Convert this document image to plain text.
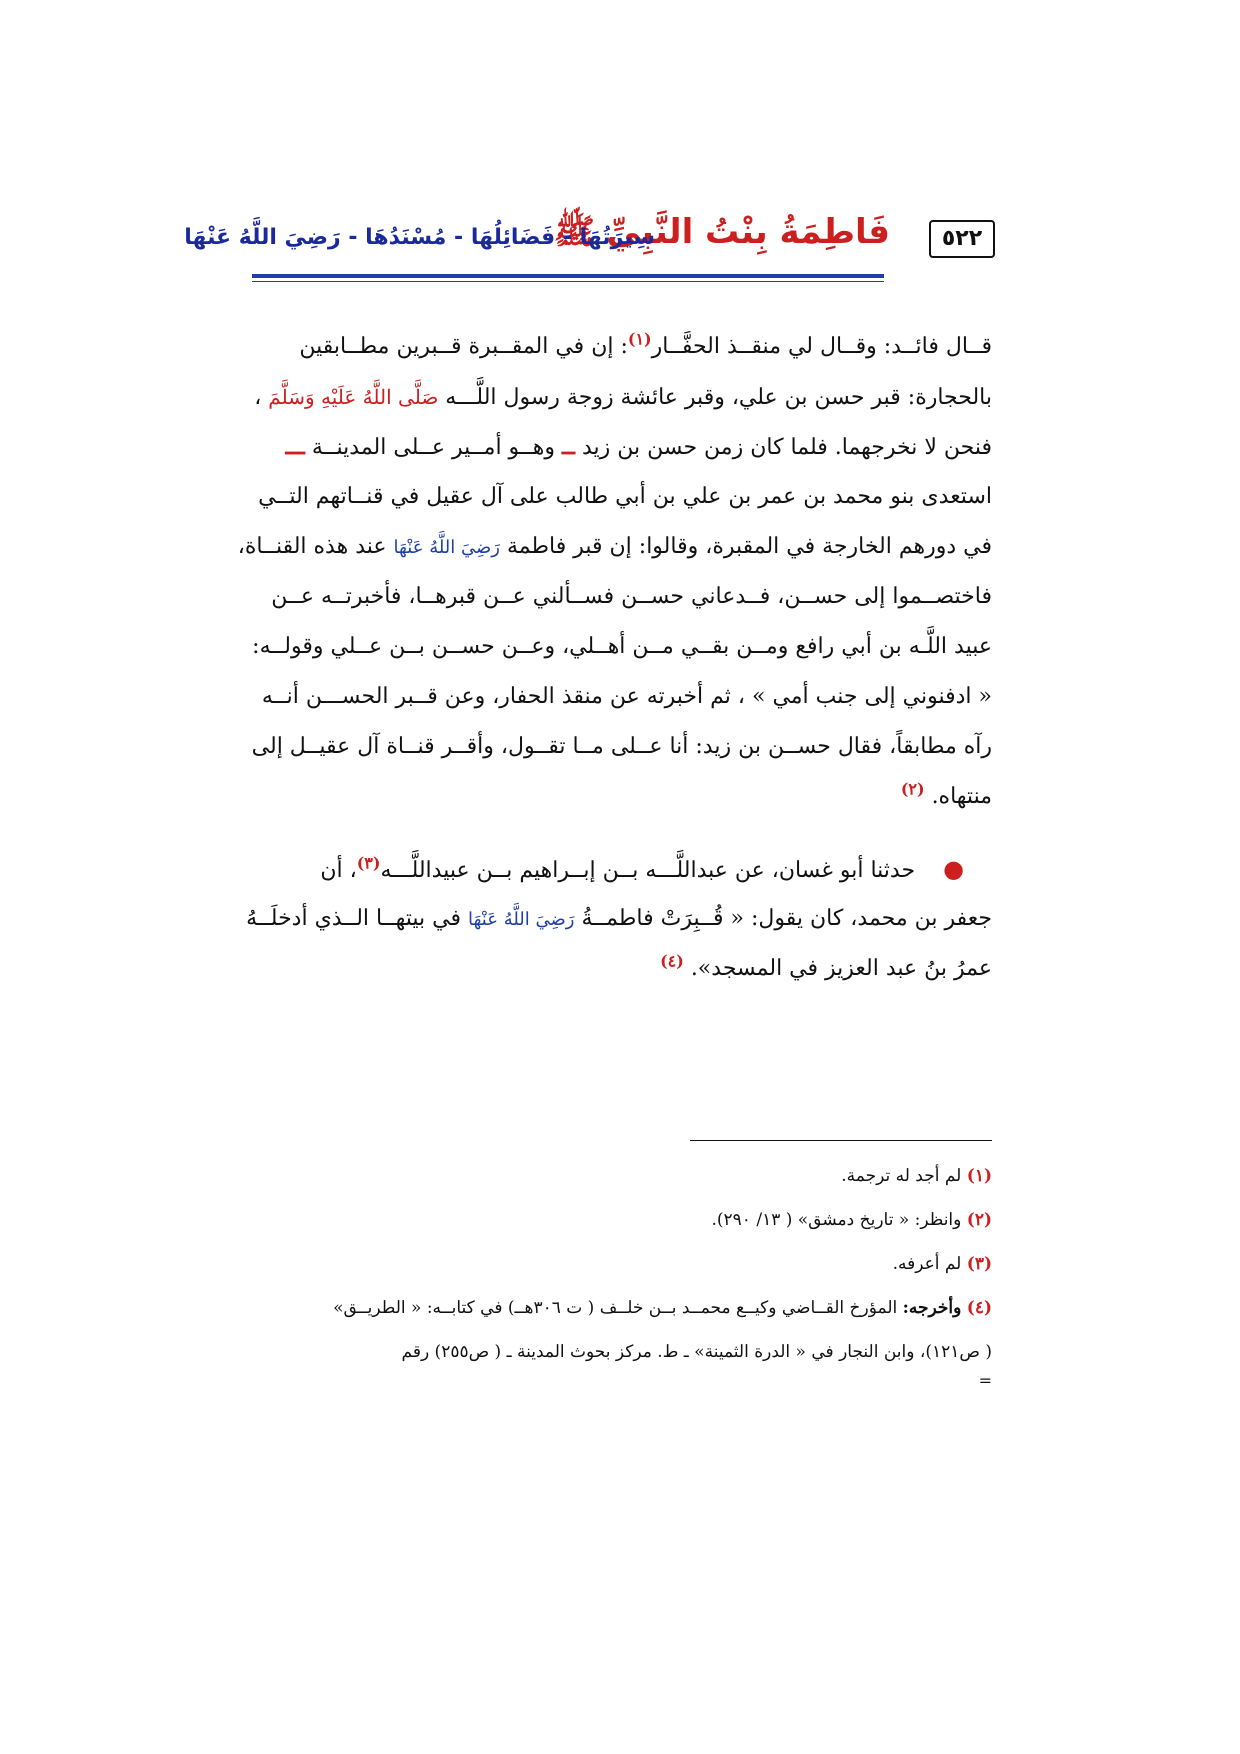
٥٢٢
فَاطِمَةُ بِنْتُ النَّبِيِّ ﷺ
سِيرَتُهَا - فَضَائِلُهَا - مُسْنَدُهَا - رَضِيَ اللَّهُ عَنْهَا
قــال فائــد: وقــال لي منقــذ الحفَّــار$^{(١)}$: إن في المقــبرة قــبرين مطــابقين
بالحجارة: قبر حسن بن علي، وقبر عائشة زوجة رسول اللَّـــه صَلَّى اللَّهُ عَلَيْهِ وَسَلَّمَ ،
فنحن لا نخرجهما. فلما كان زمن حسن بن زيد ــ وهــو أمــير عــلى المدينــة ـــ
استعدى بنو محمد بن عمر بن علي بن أبي طالب على آل عقيل في قنــاتهم التــي
في دورهم الخارجة في المقبرة، وقالوا: إن قبر فاطمة رَضِيَ اللَّهُ عَنْهَا عند هذه القنــاة،
فاختصــموا إلى حســن، فــدعاني حســن فســألني عــن قبرهــا، فأخبرتــه عــن
عبيد اللَّـه بن أبي رافع ومــن بقــي مــن أهــلي، وعــن حســن بــن عــلي وقولــه:
« ادفنوني إلى جنب أمي » ، ثم أخبرته عن منقذ الحفار، وعن قــبر الحســـن أنــه
رآه مطابقاً، فقال حســن بن زيد: أنا عــلى مــا تقــول، وأقــر قنــاة آل عقيــل إلى
منتهاه. $^{(٢)}$
●    حدثنا أبو غسان، عن عبداللَّـــه بــن إبــراهيم بــن عبيداللَّـــه$^{(٣)}$، أن
جعفر بن محمد، كان يقول: « قُــبِرَتْ فاطمــةُ رَضِيَ اللَّهُ عَنْهَا في بيتهــا الــذي أدخلَــهُ
عمرُ بنُ عبد العزيز في المسجد». $^{(٤)}$
(١) لم أجد له ترجمة.
(٢) وانظر: « تاريخ دمشق» ( ١٣/ ٢٩٠).
(٣) لم أعرفه.
(٤) وأخرجه: المؤرخ القــاضي وكيــع محمــد بــن خلــف ( ت ٣٠٦هــ) في كتابــه: « الطريــق»
( ص١٢١)، وابن النجار في « الدرة الثمينة» ـ ط. مركز بحوث المدينة ـ ( ص٢٥٥) رقم
=
